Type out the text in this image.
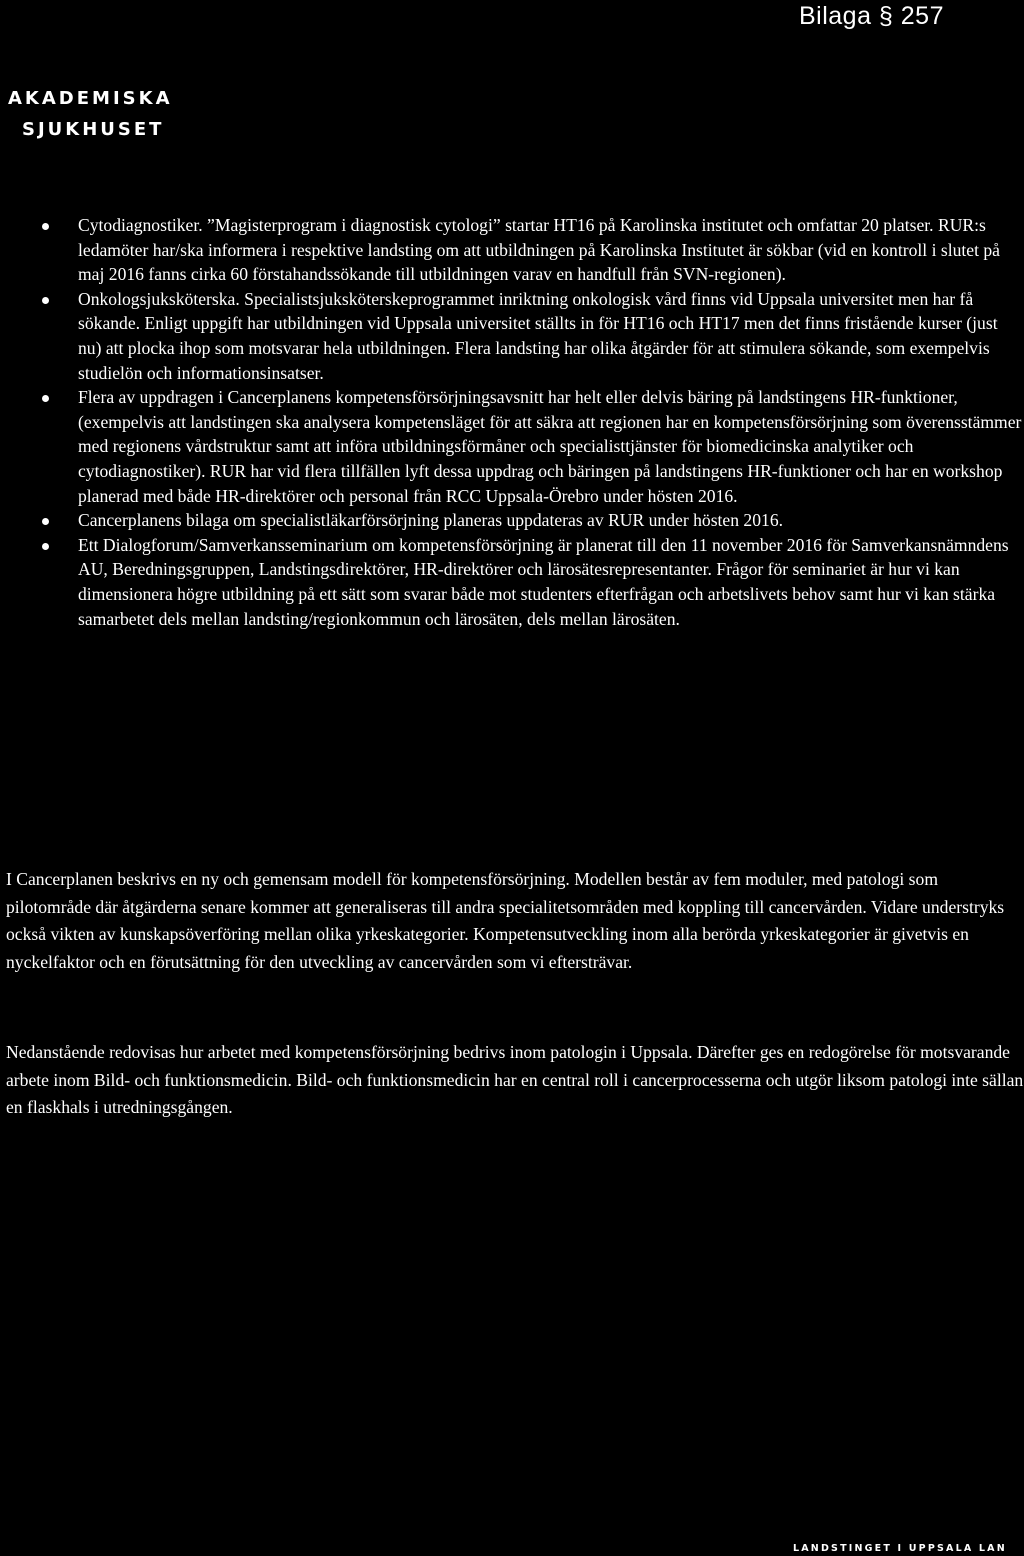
Bilaga § 257
AKADEMISKA
SJUKHUSET
Cytodiagnostiker. ”Magisterprogram i diagnostisk cytologi” startar HT16 på Karolinska institutet och omfattar 20 platser. RUR:s ledamöter har/ska informera i respektive landsting om att utbildningen på Karolinska Institutet är sökbar (vid en kontroll i slutet på maj 2016 fanns cirka 60 förstahandssökande till utbildningen varav en handfull från SVN-regionen).
Onkologsjuksköterska. Specialistsjuksköterskeprogrammet inriktning onkologisk vård finns vid Uppsala universitet men har få sökande. Enligt uppgift har utbildningen vid Uppsala universitet ställts in för HT16 och HT17 men det finns fristående kurser (just nu) att plocka ihop som motsvarar hela utbildningen. Flera landsting har olika åtgärder för att stimulera sökande, som exempelvis studielön och informationsinsatser.
Flera av uppdragen i Cancerplanens kompetensförsörjningsavsnitt har helt eller delvis bäring på landstingens HR-funktioner, (exempelvis att landstingen ska analysera kompetensläget för att säkra att regionen har en kompetensförsörjning som överensstämmer med regionens vårdstruktur samt att införa utbildningsförmåner och specialisttjänster för biomedicinska analytiker och cytodiagnostiker). RUR har vid flera tillfällen lyft dessa uppdrag och bäringen på landstingens HR-funktioner och har en workshop planerad med både HR-direktörer och personal från RCC Uppsala-Örebro under hösten 2016.
Cancerplanens bilaga om specialistläkarförsörjning planeras uppdateras av RUR under hösten 2016.
Ett Dialogforum/Samverkansseminarium om kompetensförsörjning är planerat till den 11 november 2016 för Samverkansnämndens AU, Beredningsgruppen, Landstingsdirektörer, HR-direktörer och lärosätesrepresentanter. Frågor för seminariet är hur vi kan dimensionera högre utbildning på ett sätt som svarar både mot studenters efterfrågan och arbetslivets behov samt hur vi kan stärka samarbetet dels mellan landsting/regionkommun och lärosäten, dels mellan lärosäten.

I Cancerplanen beskrivs en ny och gemensam modell för kompetensförsörjning. Modellen består av fem moduler, med patologi som pilotområde där åtgärderna senare kommer att generaliseras till andra specialitetsområden med koppling till cancervården. Vidare understryks också vikten av kunskapsöverföring mellan olika yrkeskategorier. Kompetensutveckling inom alla berörda yrkeskategorier är givetvis en nyckelfaktor och en förutsättning för den utveckling av cancervården som vi eftersträvar.

Nedanstående redovisas hur arbetet med kompetensförsörjning bedrivs inom patologin i Uppsala. Därefter ges en redogörelse för motsvarande arbete inom Bild- och funktionsmedicin. Bild- och funktionsmedicin har en central roll i cancerprocesserna och utgör liksom patologi inte sällan en flaskhals i utredningsgången.

LANDSTINGET I UPPSALA LAN
